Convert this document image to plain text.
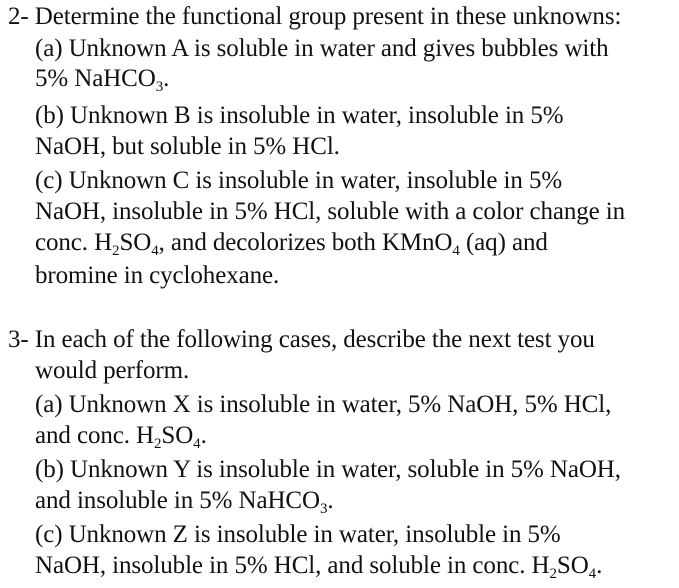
2- Determine the functional group present in these unknowns:
(a) Unknown A is soluble in water and gives bubbles with
5% NaHCO$_3$.
(b) Unknown B is insoluble in water, insoluble in 5%
NaOH, but soluble in 5% HCl.
(c) Unknown C is insoluble in water, insoluble in 5%
NaOH, insoluble in 5% HCl, soluble with a color change in
conc. $H_2SO_4$, and decolorizes both KMnO$_4$ (aq) and
bromine in cyclohexane.
3- In each of the following cases, describe the next test you
would perform.
(a) Unknown X is insoluble in water, 5% NaOH, 5% HCl,
and conc. $H_2SO_4$.
(b) Unknown Y is insoluble in water, soluble in 5% NaOH,
and insoluble in 5% NaHCO$_3$.
(c) Unknown Z is insoluble in water, insoluble in 5%
NaOH, insoluble in 5% HCl, and soluble in conc. $H_2SO_4$.
